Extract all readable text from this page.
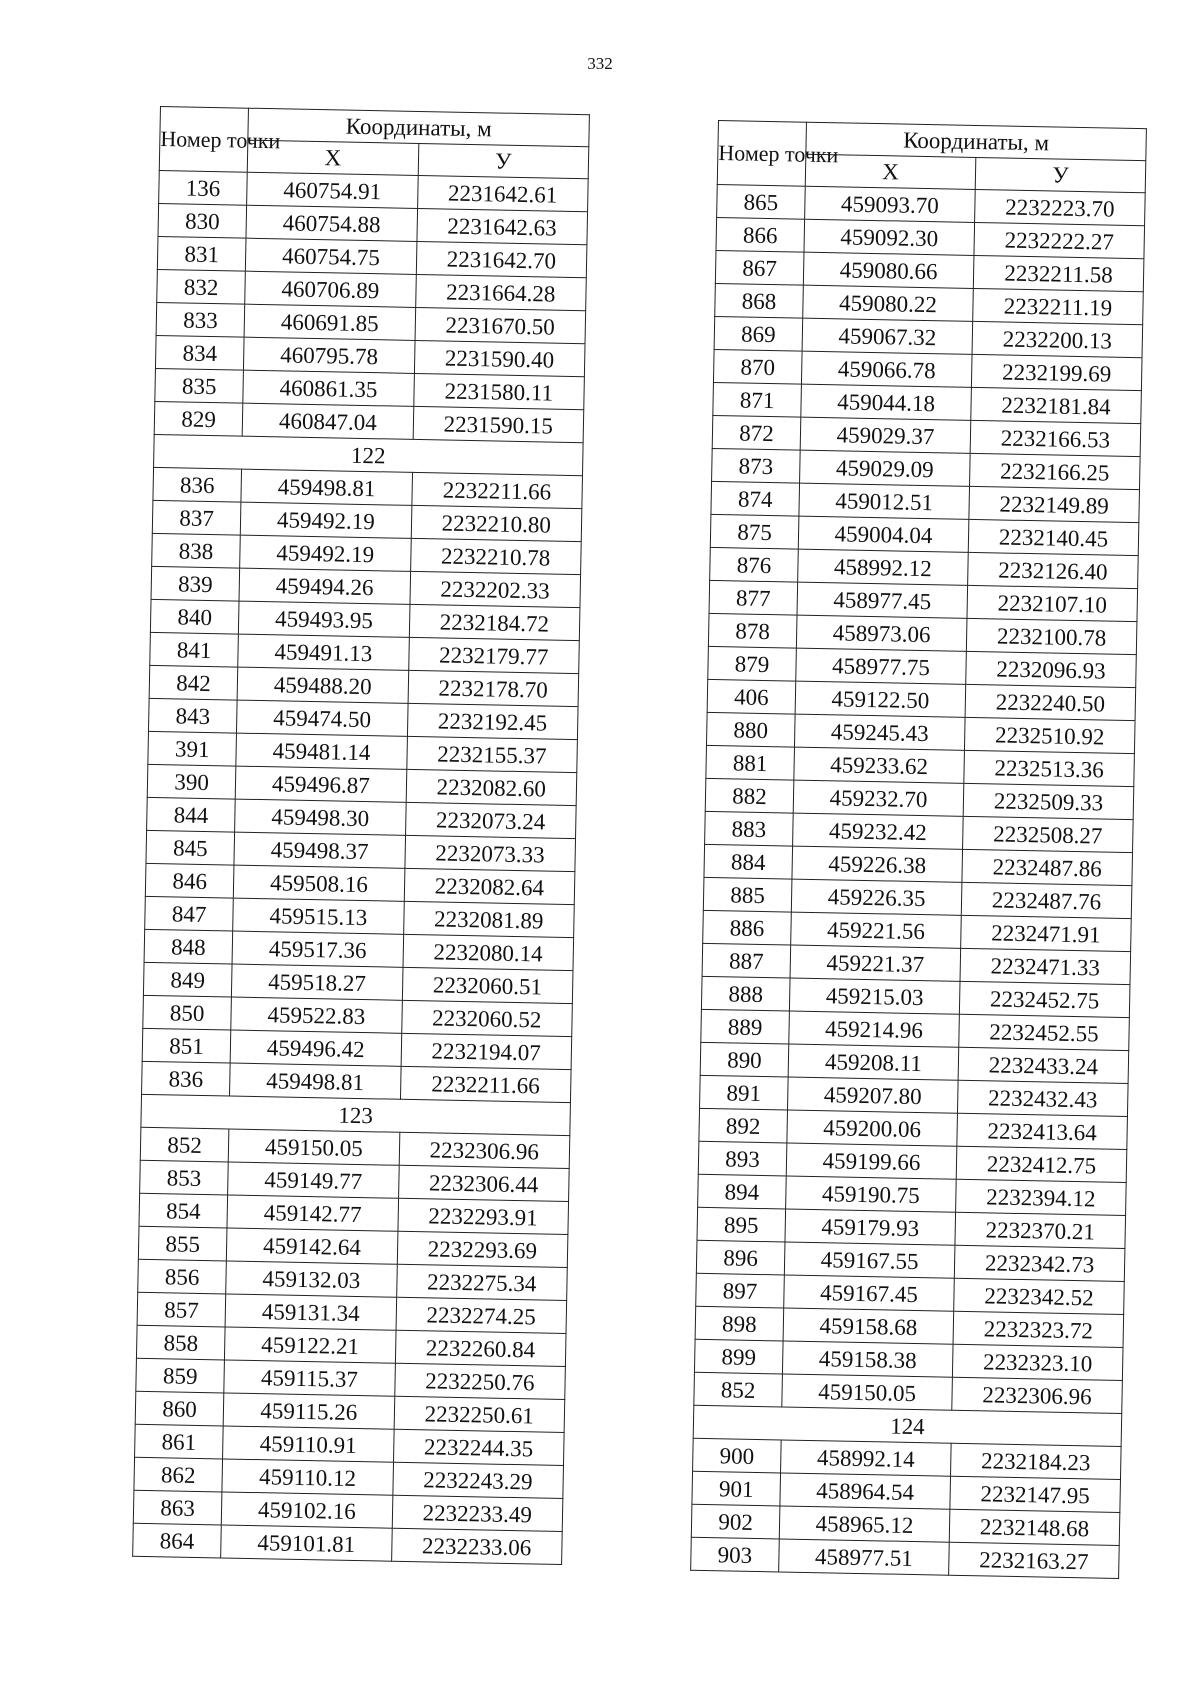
332
Номер точки	Координаты, м	
	Х	У
136	460754.91	2231642.61
830	460754.88	2231642.63
831	460754.75	2231642.70
832	460706.89	2231664.28
833	460691.85	2231670.50
834	460795.78	2231590.40
835	460861.35	2231580.11
829	460847.04	2231590.15
122		
836	459498.81	2232211.66
837	459492.19	2232210.80
838	459492.19	2232210.78
839	459494.26	2232202.33
840	459493.95	2232184.72
841	459491.13	2232179.77
842	459488.20	2232178.70
843	459474.50	2232192.45
391	459481.14	2232155.37
390	459496.87	2232082.60
844	459498.30	2232073.24
845	459498.37	2232073.33
846	459508.16	2232082.64
847	459515.13	2232081.89
848	459517.36	2232080.14
849	459518.27	2232060.51
850	459522.83	2232060.52
851	459496.42	2232194.07
836	459498.81	2232211.66
123		
852	459150.05	2232306.96
853	459149.77	2232306.44
854	459142.77	2232293.91
855	459142.64	2232293.69
856	459132.03	2232275.34
857	459131.34	2232274.25
858	459122.21	2232260.84
859	459115.37	2232250.76
860	459115.26	2232250.61
861	459110.91	2232244.35
862	459110.12	2232243.29
863	459102.16	2232233.49
864	459101.81	2232233.06
Номер точки	Координаты, м	
	Х	У
865	459093.70	2232223.70
866	459092.30	2232222.27
867	459080.66	2232211.58
868	459080.22	2232211.19
869	459067.32	2232200.13
870	459066.78	2232199.69
871	459044.18	2232181.84
872	459029.37	2232166.53
873	459029.09	2232166.25
874	459012.51	2232149.89
875	459004.04	2232140.45
876	458992.12	2232126.40
877	458977.45	2232107.10
878	458973.06	2232100.78
879	458977.75	2232096.93
406	459122.50	2232240.50
880	459245.43	2232510.92
881	459233.62	2232513.36
882	459232.70	2232509.33
883	459232.42	2232508.27
884	459226.38	2232487.86
885	459226.35	2232487.76
886	459221.56	2232471.91
887	459221.37	2232471.33
888	459215.03	2232452.75
889	459214.96	2232452.55
890	459208.11	2232433.24
891	459207.80	2232432.43
892	459200.06	2232413.64
893	459199.66	2232412.75
894	459190.75	2232394.12
895	459179.93	2232370.21
896	459167.55	2232342.73
897	459167.45	2232342.52
898	459158.68	2232323.72
899	459158.38	2232323.10
852	459150.05	2232306.96
124		
900	458992.14	2232184.23
901	458964.54	2232147.95
902	458965.12	2232148.68
903	458977.51	2232163.27
